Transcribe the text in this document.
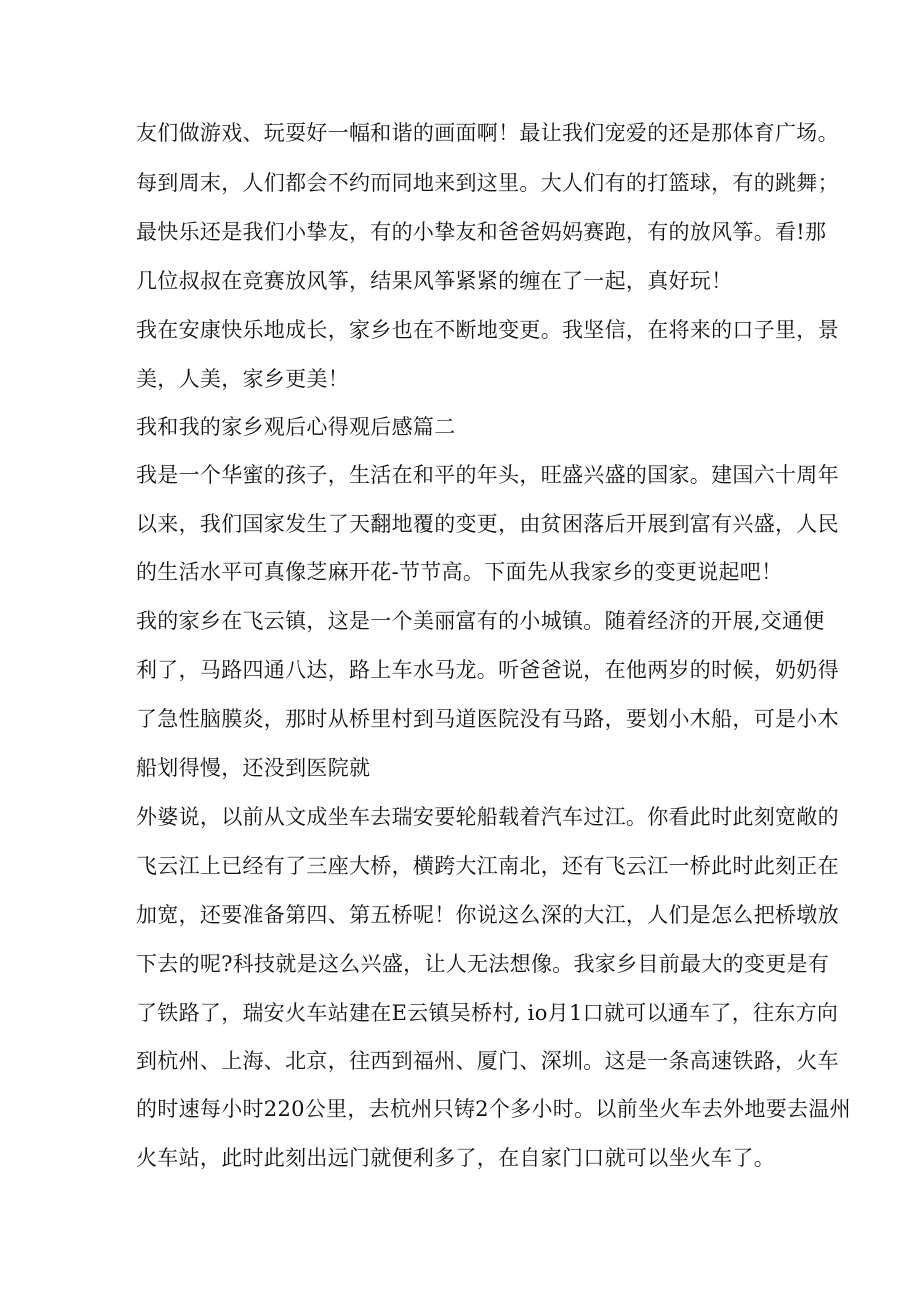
友们做游戏、玩耍好一幅和谐的画面啊！最让我们宠爱的还是那体育广场。
每到周末，人们都会不约而同地来到这里。大人们有的打篮球，有的跳舞；
最快乐还是我们小挚友，有的小挚友和爸爸妈妈赛跑，有的放风筝。看!那
几位叔叔在竞赛放风筝，结果风筝紧紧的缠在了一起，真好玩！
我在安康快乐地成长，家乡也在不断地变更。我坚信，在将来的口子里，景
美，人美，家乡更美！
我和我的家乡观后心得观后感篇二
我是一个华蜜的孩子，生活在和平的年头，旺盛兴盛的国家。建国六十周年
以来，我们国家发生了天翻地覆的变更，由贫困落后开展到富有兴盛，人民
的生活水平可真像芝麻开花-节节高。下面先从我家乡的变更说起吧！
我的家乡在飞云镇，这是一个美丽富有的小城镇。随着经济的开展,交通便
利了，马路四通八达，路上车水马龙。听爸爸说，在他两岁的时候，奶奶得
了急性脑膜炎，那时从桥里村到马道医院没有马路，要划小木船，可是小木
船划得慢，还没到医院就
外婆说，以前从文成坐车去瑞安要轮船载着汽车过江。你看此时此刻宽敞的
飞云江上已经有了三座大桥，横跨大江南北，还有飞云江一桥此时此刻正在
加宽，还要准备第四、第五桥呢！你说这么深的大江，人们是怎么把桥墩放
下去的呢?科技就是这么兴盛，让人无法想像。我家乡目前最大的变更是有
了铁路了，瑞安火车站建在E云镇吴桥村, io月1口就可以通车了，往东方向
到杭州、上海、北京，往西到福州、厦门、深圳。这是一条高速铁路，火车
的时速每小时220公里，去杭州只铸2个多小时。以前坐火车去外地要去温州
火车站，此时此刻出远门就便利多了，在自家门口就可以坐火车了。
